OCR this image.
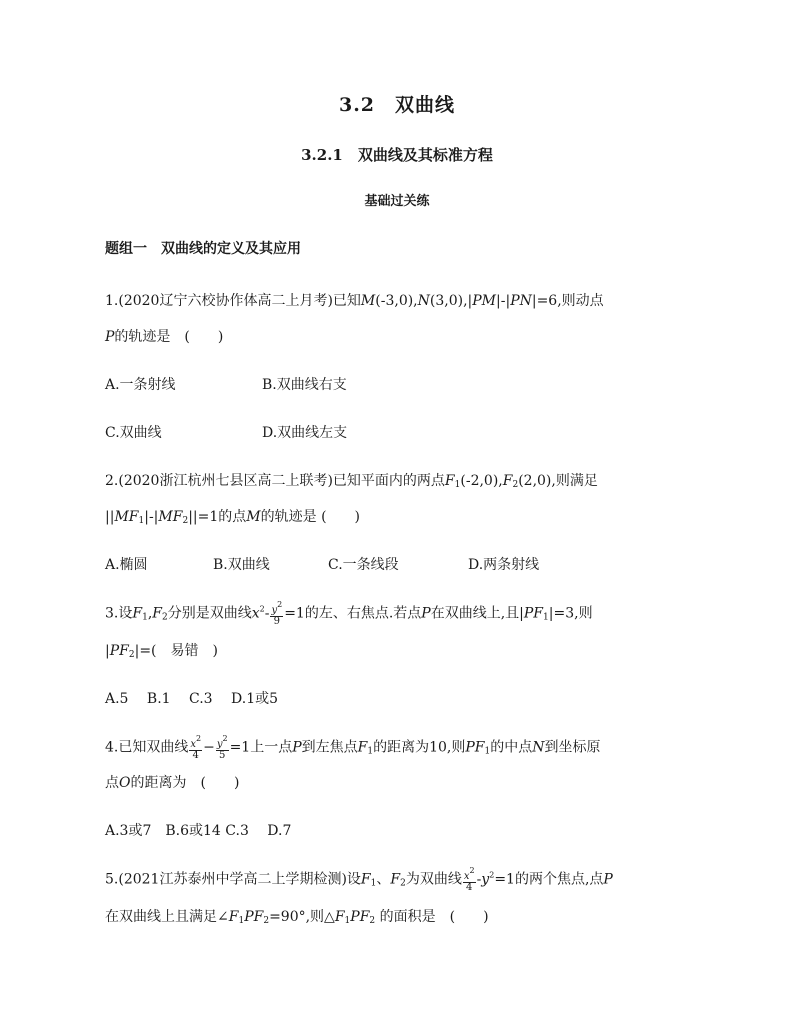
3.2　双曲线
3.2.1　双曲线及其标准方程
基础过关练
题组一　双曲线的定义及其应用
1.(2020辽宁六校协作体高二上月考)已知M(-3,0),N(3,0),|PM|-|PN|=6,则动点
P的轨迹是　(　　)
A.一条射线	B.双曲线右支
C.双曲线	D.双曲线左支
2.(2020浙江杭州七县区高二上联考)已知平面内的两点$F_1(-2,0),F_2(2,0)$,则满足
$||MF_1|-|MF_2||=1$的点M的轨迹是 (　　)
A.椭圆	B.双曲线	C.一条线段	D.两条射线
3.设$F_1,F_2$分别是双曲线$x^2- \frac{y^2}{9} =1$的左、右焦点.若点P在双曲线上,且$|PF_1|=3$,则
$|PF_2|=$(　易错　)
A.5　 B.1　 C.3　 D.1或5
4.已知双曲线 $\frac{x^2}{4} - \frac{y^2}{5} =1$上一点P到左焦点$F_1$的距离为10,则$PF_1$的中点N到坐标原
点O的距离为　(　　)
A.3或7　B.6或14 C.3　 D.7
5.(2021江苏泰州中学高二上学期检测)设$F_1$、$F_2$为双曲线 $\frac{x^2}{4} -y^2=1$的两个焦点,点P
在双曲线上且满足$\angle F_1PF_2=90^\circ$,则$\triangle F_1PF_2$ 的面积是　(　　)
